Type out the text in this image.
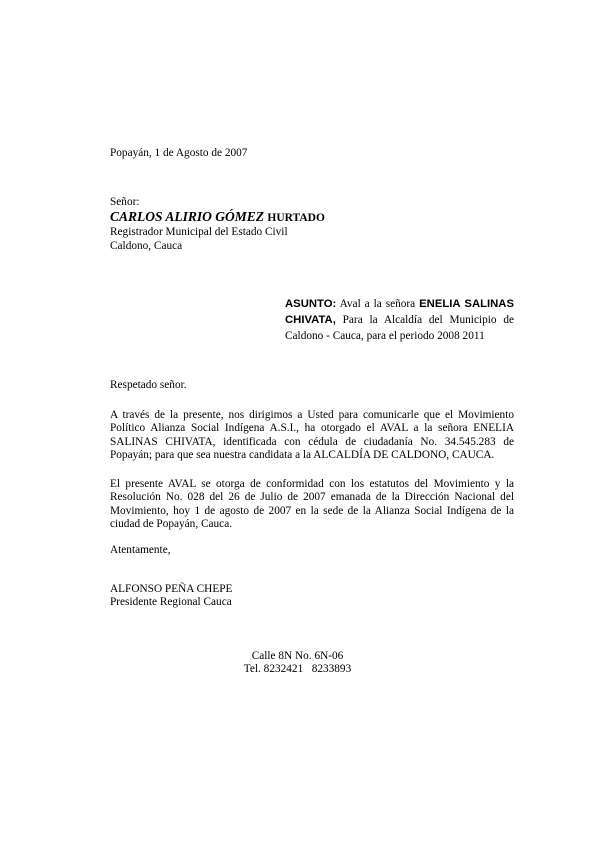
Popayán, 1 de Agosto de 2007

Señor:

CARLOS ALIRIO GÓMEZ HURTADO

Registrador Municipal del Estado Civil

Caldono, Cauca

ASUNTO: Aval a la señora ENELIA SALINAS CHIVATA, Para la Alcaldía del Municipio de Caldono - Cauca, para el periodo 2008 2011

Respetado señor.

A través de la presente, nos dirigimos a Usted para comunicarle que el Movimiento Político Alianza Social Indígena A.S.I., ha otorgado el AVAL a la señora ENELIA SALINAS CHIVATA, identificada con cédula de ciudadanía No. 34.545.283 de Popayán; para que sea nuestra candidata a la ALCALDÍA DE CALDONO, CAUCA.

El presente AVAL se otorga de conformidad con los estatutos del Movimiento y la Resolución No. 028 del 26 de Julio de 2007 emanada de la Dirección Nacional del Movimiento, hoy 1 de agosto de 2007 en la sede de la Alianza Social Indígena de la ciudad de Popayán, Cauca.

Atentamente,

ALFONSO PEÑA CHEPE

Presidente Regional Cauca

Calle 8N No. 6N-06

Tel. 8232421   8233893
